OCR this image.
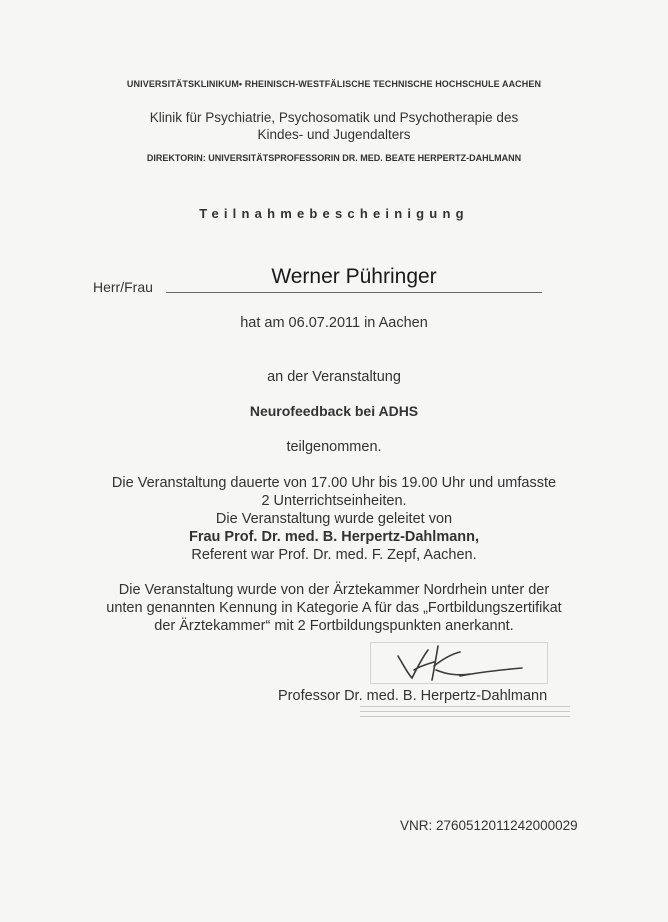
UNIVERSITÄTSKLINIKUM• RHEINISCH-WESTFÄLISCHE TECHNISCHE HOCHSCHULE AACHEN
Klinik für Psychiatrie, Psychosomatik und Psychotherapie des
Kindes- und Jugendalters
DIREKTORIN: UNIVERSITÄTSPROFESSORIN DR. MED. BEATE HERPERTZ-DAHLMANN
Teilnahmebescheinigung
Herr/Frau	Werner Pühringer
hat am 06.07.2011 in Aachen
an der Veranstaltung
Neurofeedback bei ADHS
teilgenommen.
Die Veranstaltung dauerte von 17.00 Uhr bis 19.00 Uhr und umfasste
2 Unterrichtseinheiten.
Die Veranstaltung wurde geleitet von
Frau Prof. Dr. med. B. Herpertz-Dahlmann,
Referent war Prof. Dr. med. F. Zepf, Aachen.
Die Veranstaltung wurde von der Ärztekammer Nordrhein unter der
unten genannten Kennung in Kategorie A für das „Fortbildungszertifikat
der Ärztekammer“ mit 2 Fortbildungspunkten anerkannt.
Professor Dr. med. B. Herpertz-Dahlmann
VNR: 2760512011242000029
